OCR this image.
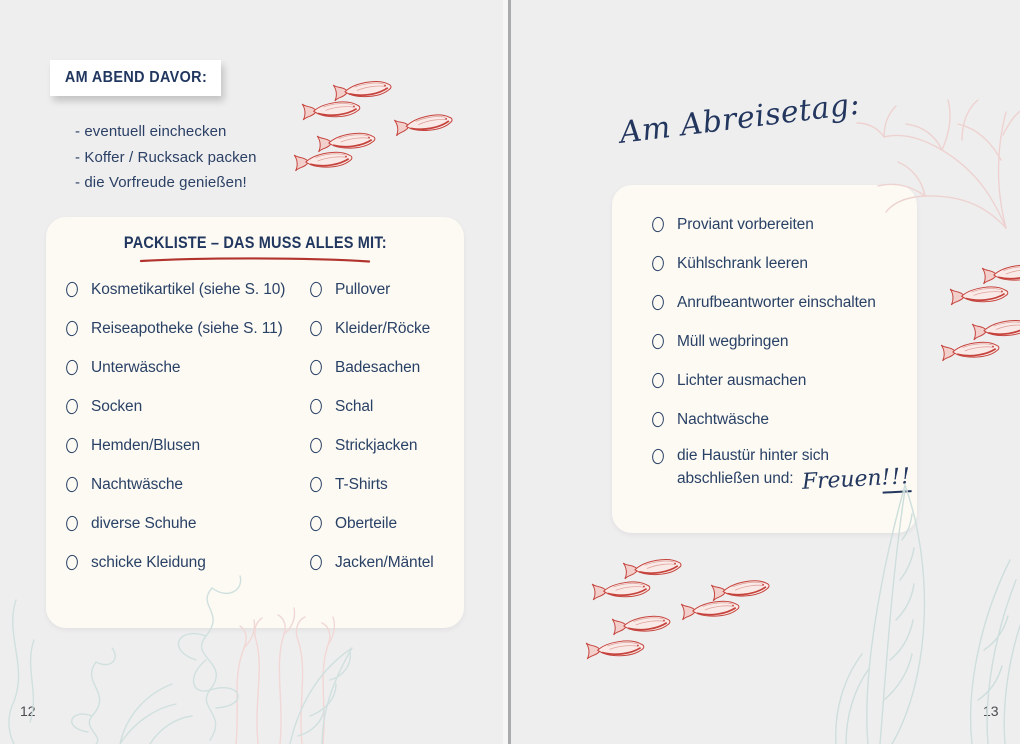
AM ABEND DAVOR:
- eventuell einchecken
- Koffer / Rucksack packen
- die Vorfreude genießen!
PACKLISTE – DAS MUSS ALLES MIT:
Kosmetikartikel (siehe S. 10)
Reiseapotheke (siehe S. 11)
Unterwäsche
Socken
Hemden/Blusen
Nachtwäsche
diverse Schuhe
schicke Kleidung
Pullover
Kleider/Röcke
Badesachen
Schal
Strickjacken
T-Shirts
Oberteile
Jacken/Mäntel
12
Am Abreisetag:
Proviant vorbereiten
Kühlschrank leeren
Anrufbeantworter einschalten
Müll wegbringen
Lichter ausmachen
Nachtwäsche
die Haustür hinter sich
abschließen und: Freuen!!!
13
